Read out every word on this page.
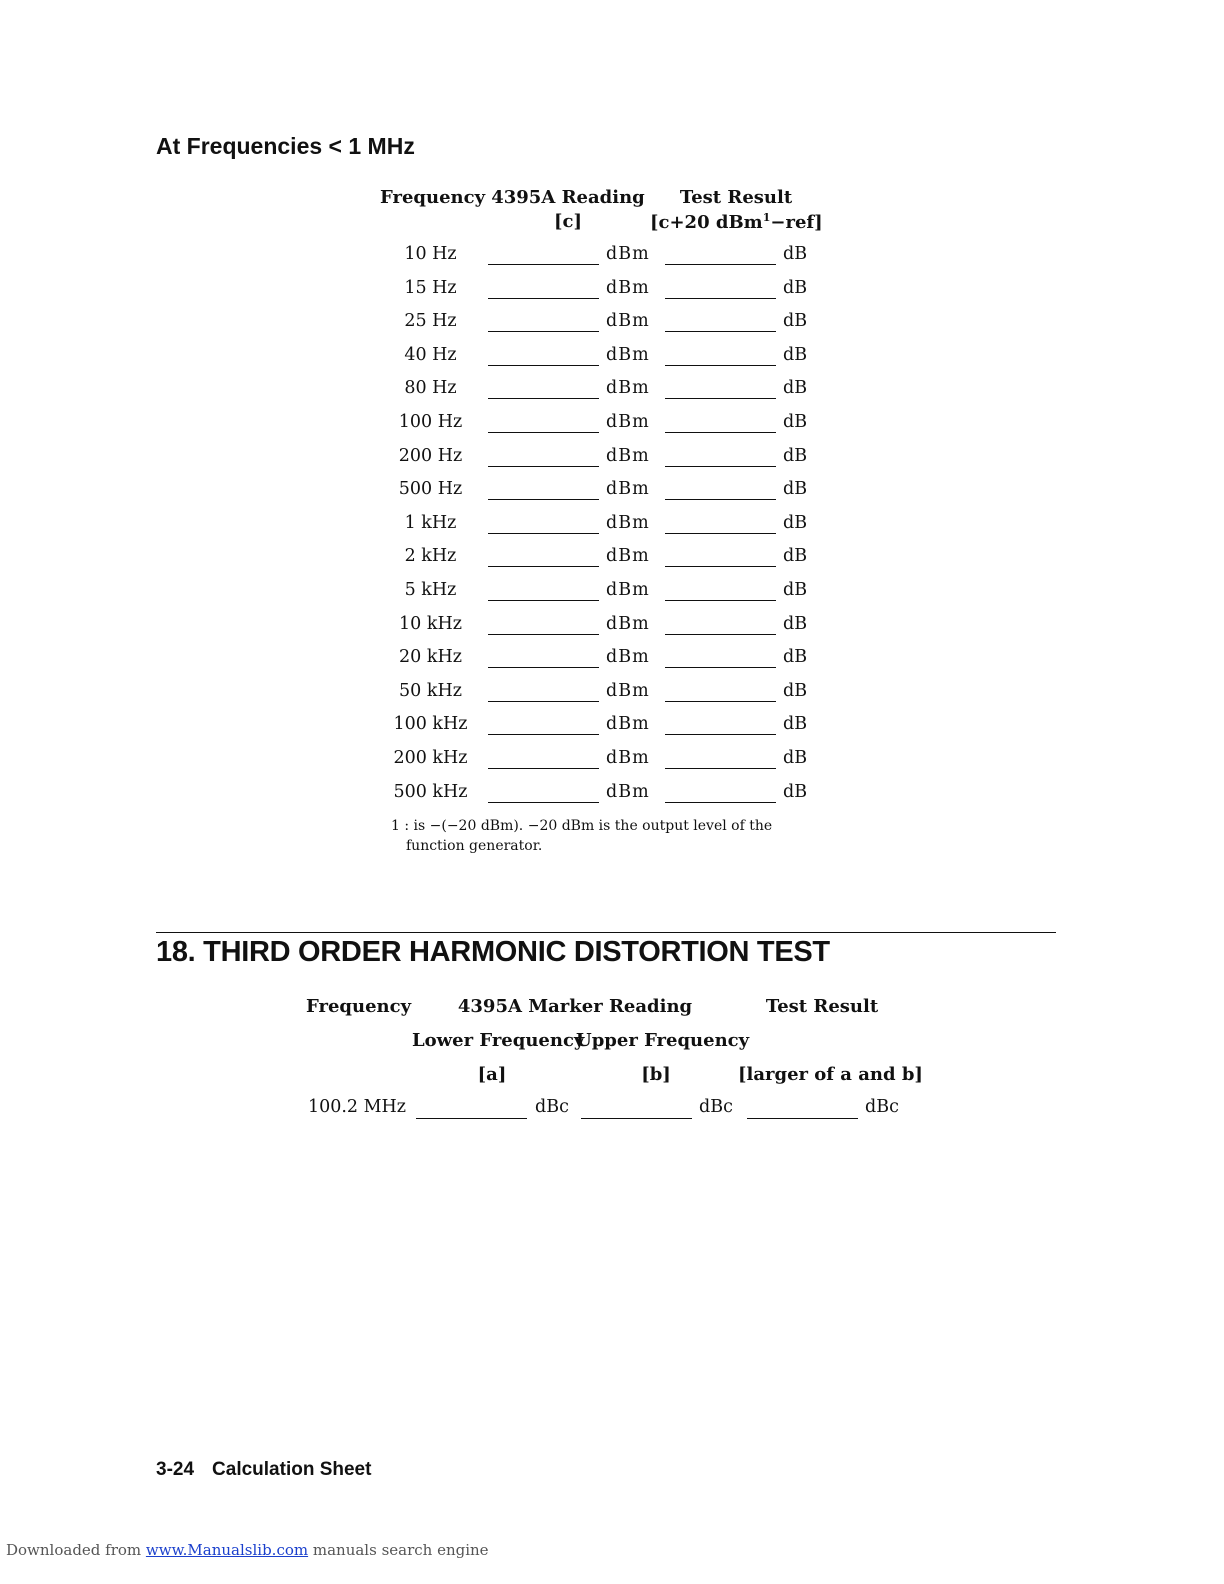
At Frequencies < 1 MHz
Frequency 4395A Reading
[c]
Test Result
[c+20 dBm$^1$−ref]
10 Hz	dBm	dB
15 Hz	dBm	dB
25 Hz	dBm	dB
40 Hz	dBm	dB
80 Hz	dBm	dB
100 Hz	dBm	dB
200 Hz	dBm	dB
500 Hz	dBm	dB
1 kHz	dBm	dB
2 kHz	dBm	dB
5 kHz	dBm	dB
10 kHz	dBm	dB
20 kHz	dBm	dB
50 kHz	dBm	dB
100 kHz	dBm	dB
200 kHz	dBm	dB
500 kHz	dBm	dB
1 : is −(−20 dBm). −20 dBm is the output level of the
function generator.
18. THIRD ORDER HARMONIC DISTORTION TEST
Frequency	4395A Marker Reading	Test Result
Lower Frequency
Upper Frequency
[a]	[b]	[larger of a and b]
100.2 MHz	dBc	dBc	dBc
3-24 Calculation Sheet
Downloaded from www.Manualslib.com manuals search engine
